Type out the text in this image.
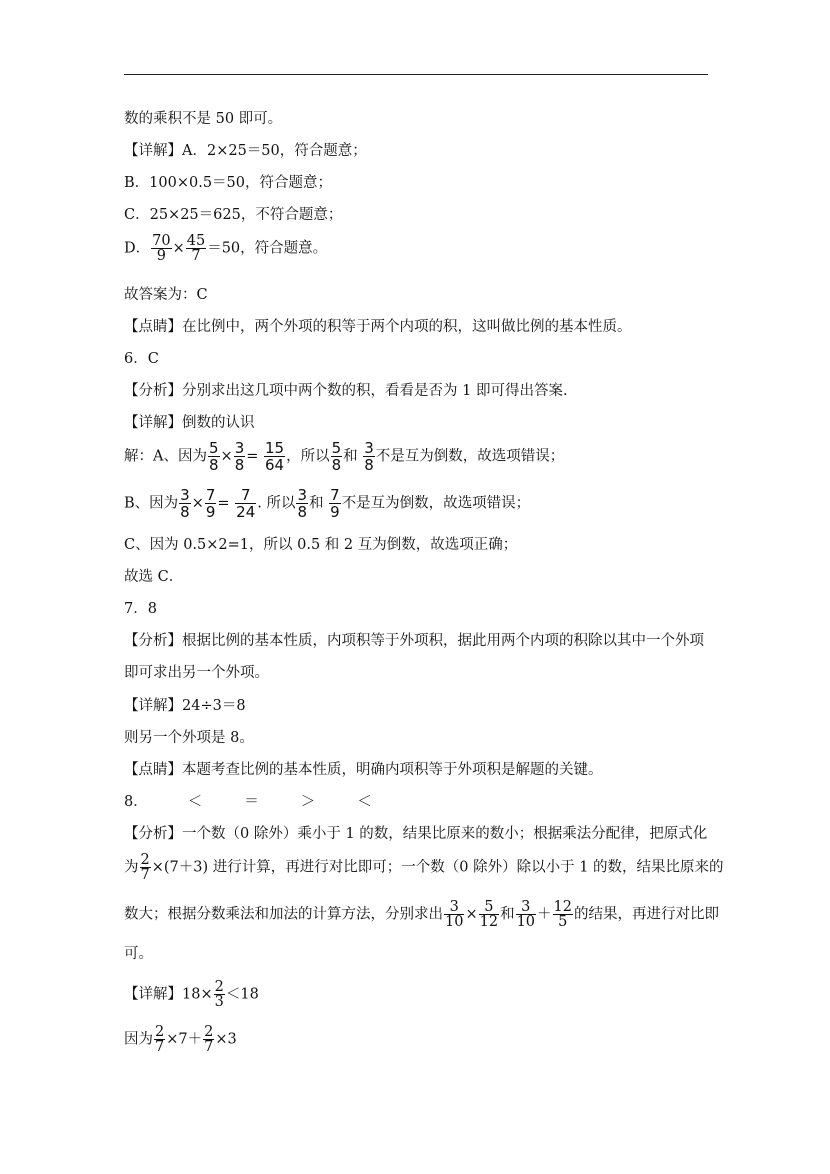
数的乘积不是 50 即可。
【详解】A．2×25＝50，符合题意；
B．100×0.5＝50，符合题意；
C．25×25＝625，不符合题意；
D． $\frac{70}{9} \times \frac{45}{7} =50$，符合题意。
故答案为：C
【点睛】在比例中，两个外项的积等于两个内项的积，这叫做比例的基本性质。
6．C
【分析】分别求出这几项中两个数的积，看看是否为 1 即可得出答案.
【详解】倒数的认识
解：A、因为 $\frac{5}{8} \times \frac{3}{8} = \frac{15}{64}$ ，所以 $\frac{5}{8}$ 和 $\frac{3}{8}$ 不是互为倒数，故选项错误；
B、因为 $\frac{3}{8} \times \frac{7}{9} = \frac{7}{24}$ . 所以 $\frac{3}{8}$ 和 $\frac{7}{9}$ 不是互为倒数，故选项错误；
C、因为 0.5×2=1，所以 0.5 和 2 互为倒数，故选项正确；
故选 C．
7．8
【分析】根据比例的基本性质，内项积等于外项积，据此用两个内项的积除以其中一个外项
即可求出另一个外项。
【详解】24÷3＝8
则另一个外项是 8。
【点睛】本题考查比例的基本性质，明确内项积等于外项积是解题的关键。
8．	＜	＝	＞	＜
【分析】一个数（0 除外）乘小于 1 的数，结果比原来的数小；根据乘法分配律，把原式化
为 $\frac{2}{7} \times(7+3)$ 进行计算，再进行对比即可；一个数（0 除外）除以小于 1 的数，结果比原来的
数大；根据分数乘法和加法的计算方法，分别求出 $\frac{3}{10} \times \frac{5}{12}$ 和 $\frac{3}{10} + \frac{12}{5}$ 的结果，再进行对比即
可。
【详解】$18\times \frac{2}{3} <18$
因为 $\frac{2}{7} \times 7+ \frac{2}{7} \times 3$
